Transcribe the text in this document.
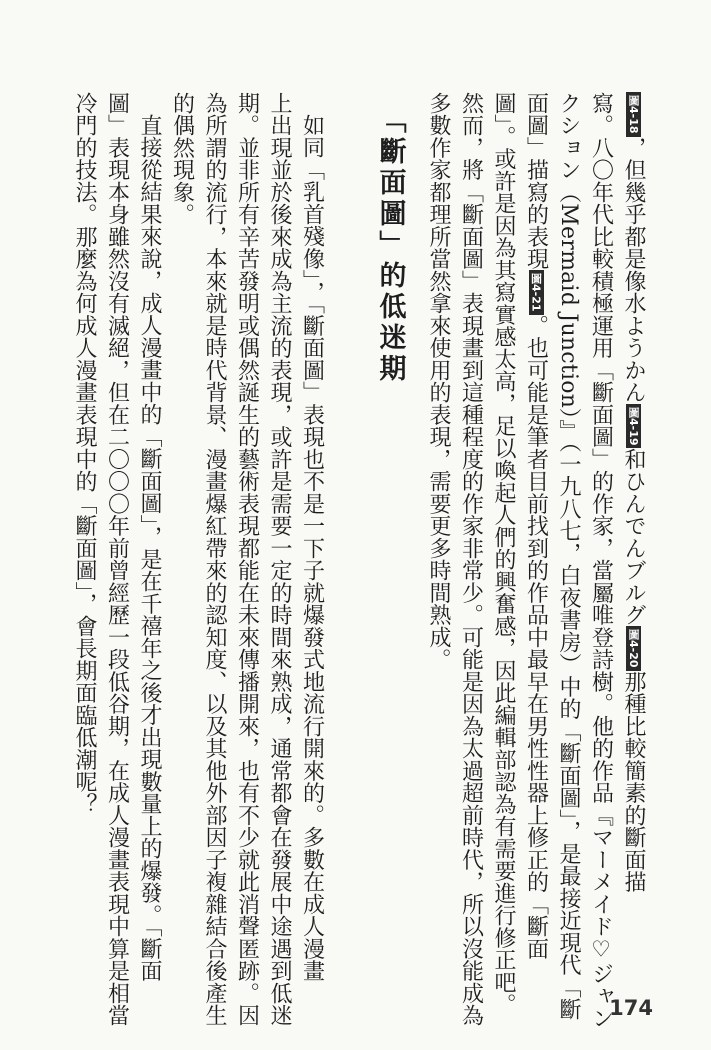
圖4-18，但幾乎都是像水ようかん圖4-19和ひんでんブルグ圖4-20那種比較簡素的斷面描
寫。八〇年代比較積極運用「斷面圖」的作家，當屬唯登詩樹。他的作品『マーメイド♡ジャン
クション（Mermaid Junction）』（一九八七，白夜書房）中的「斷面圖」，是最接近現代「斷
面圖」描寫的表現圖4-21。也可能是筆者目前找到的作品中最早在男性性器上修正的「斷面
圖」。或許是因為其寫實感太高，足以喚起人們的興奮感，因此編輯部認為有需要進行修正吧。
然而，將「斷面圖」表現畫到這種程度的作家非常少。可能是因為太過超前時代，所以沒能成為
多數作家都理所當然拿來使用的表現，需要更多時間熟成。
「斷面圖」的低迷期
如同「乳首殘像」，「斷面圖」表現也不是一下子就爆發式地流行開來的。多數在成人漫畫
上出現並於後來成為主流的表現，或許是需要一定的時間來熟成，通常都會在發展中途遇到低迷
期。並非所有辛苦發明或偶然誕生的藝術表現都能在未來傳播開來，也有不少就此消聲匿跡。因
為所謂的流行，本來就是時代背景、漫畫爆紅帶來的認知度、以及其他外部因子複雜結合後產生
的偶然現象。
直接從結果來說，成人漫畫中的「斷面圖」，是在千禧年之後才出現數量上的爆發。「斷面
圖」表現本身雖然沒有滅絕，但在二〇〇〇年前曾經歷一段低谷期，在成人漫畫表現中算是相當
冷門的技法。那麼為何成人漫畫表現中的「斷面圖」，會長期面臨低潮呢？
174
